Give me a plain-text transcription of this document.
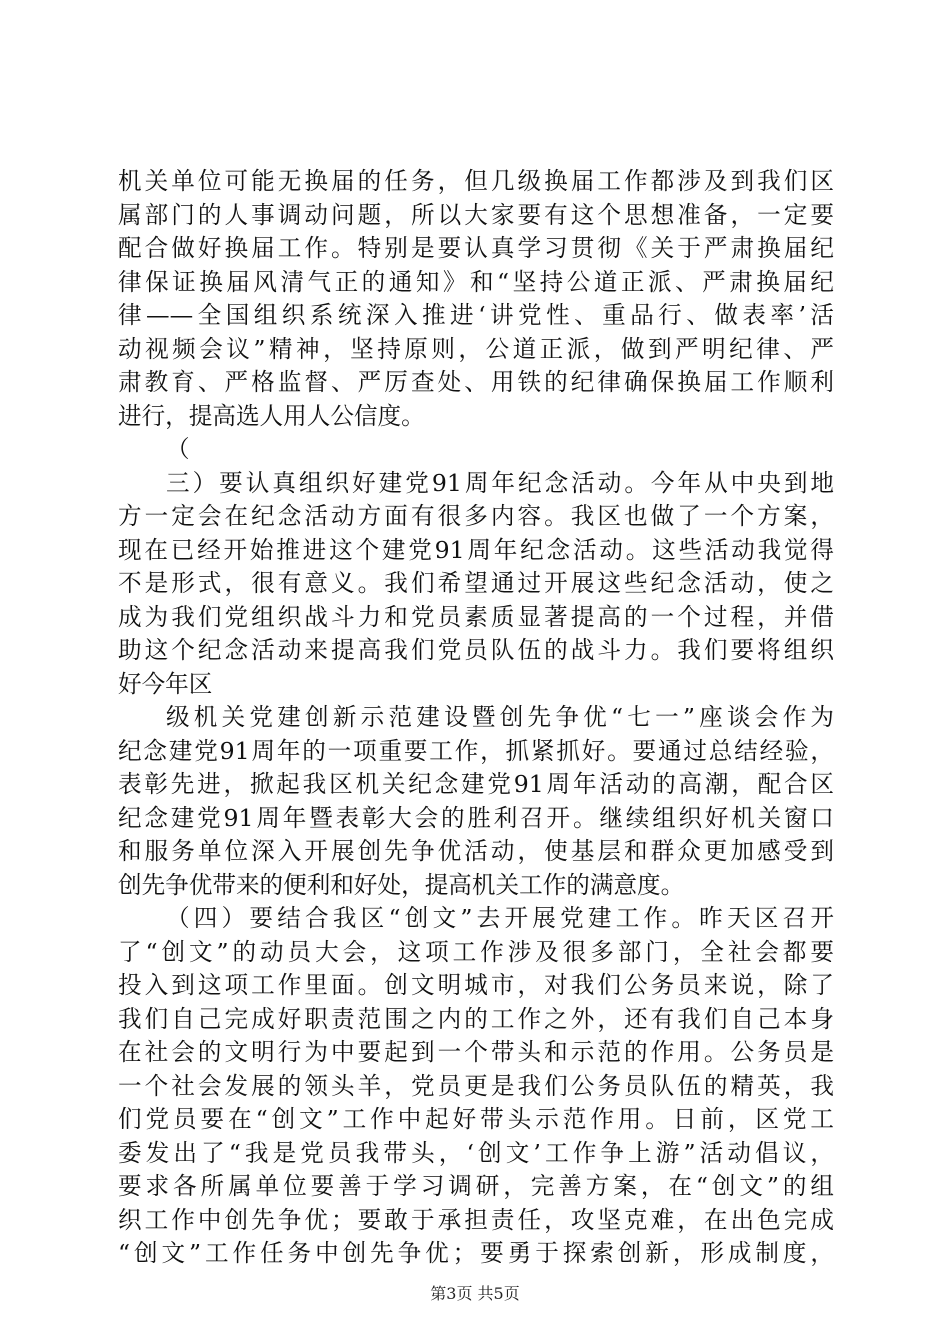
机关单位可能无换届的任务，但几级换届工作都涉及到我们区
属部门的人事调动问题，所以大家要有这个思想准备，一定要
配合做好换届工作。特别是要认真学习贯彻《关于严肃换届纪
律保证换届风清气正的通知》和“坚持公道正派、严肃换届纪
律——全国组织系统深入推进‘讲党性、重品行、做表率’活
动视频会议”精神，坚持原则，公道正派，做到严明纪律、严
肃教育、严格监督、严厉查处、用铁的纪律确保换届工作顺利
进行，提高选人用人公信度。
（
三）要认真组织好建党91周年纪念活动。今年从中央到地
方一定会在纪念活动方面有很多内容。我区也做了一个方案，
现在已经开始推进这个建党91周年纪念活动。这些活动我觉得
不是形式，很有意义。我们希望通过开展这些纪念活动，使之
成为我们党组织战斗力和党员素质显著提高的一个过程，并借
助这个纪念活动来提高我们党员队伍的战斗力。我们要将组织
好今年区
级机关党建创新示范建设暨创先争优“七一”座谈会作为
纪念建党91周年的一项重要工作，抓紧抓好。要通过总结经验，
表彰先进，掀起我区机关纪念建党91周年活动的高潮，配合区
纪念建党91周年暨表彰大会的胜利召开。继续组织好机关窗口
和服务单位深入开展创先争优活动，使基层和群众更加感受到
创先争优带来的便利和好处，提高机关工作的满意度。
（四）要结合我区“创文”去开展党建工作。昨天区召开
了“创文”的动员大会，这项工作涉及很多部门，全社会都要
投入到这项工作里面。创文明城市，对我们公务员来说，除了
我们自己完成好职责范围之内的工作之外，还有我们自己本身
在社会的文明行为中要起到一个带头和示范的作用。公务员是
一个社会发展的领头羊，党员更是我们公务员队伍的精英，我
们党员要在“创文”工作中起好带头示范作用。日前，区党工
委发出了“我是党员我带头，‘创文’工作争上游”活动倡议，
要求各所属单位要善于学习调研，完善方案，在“创文”的组
织工作中创先争优；要敢于承担责任，攻坚克难，在出色完成
“创文”工作任务中创先争优；要勇于探索创新，形成制度，
第3页 共5页
